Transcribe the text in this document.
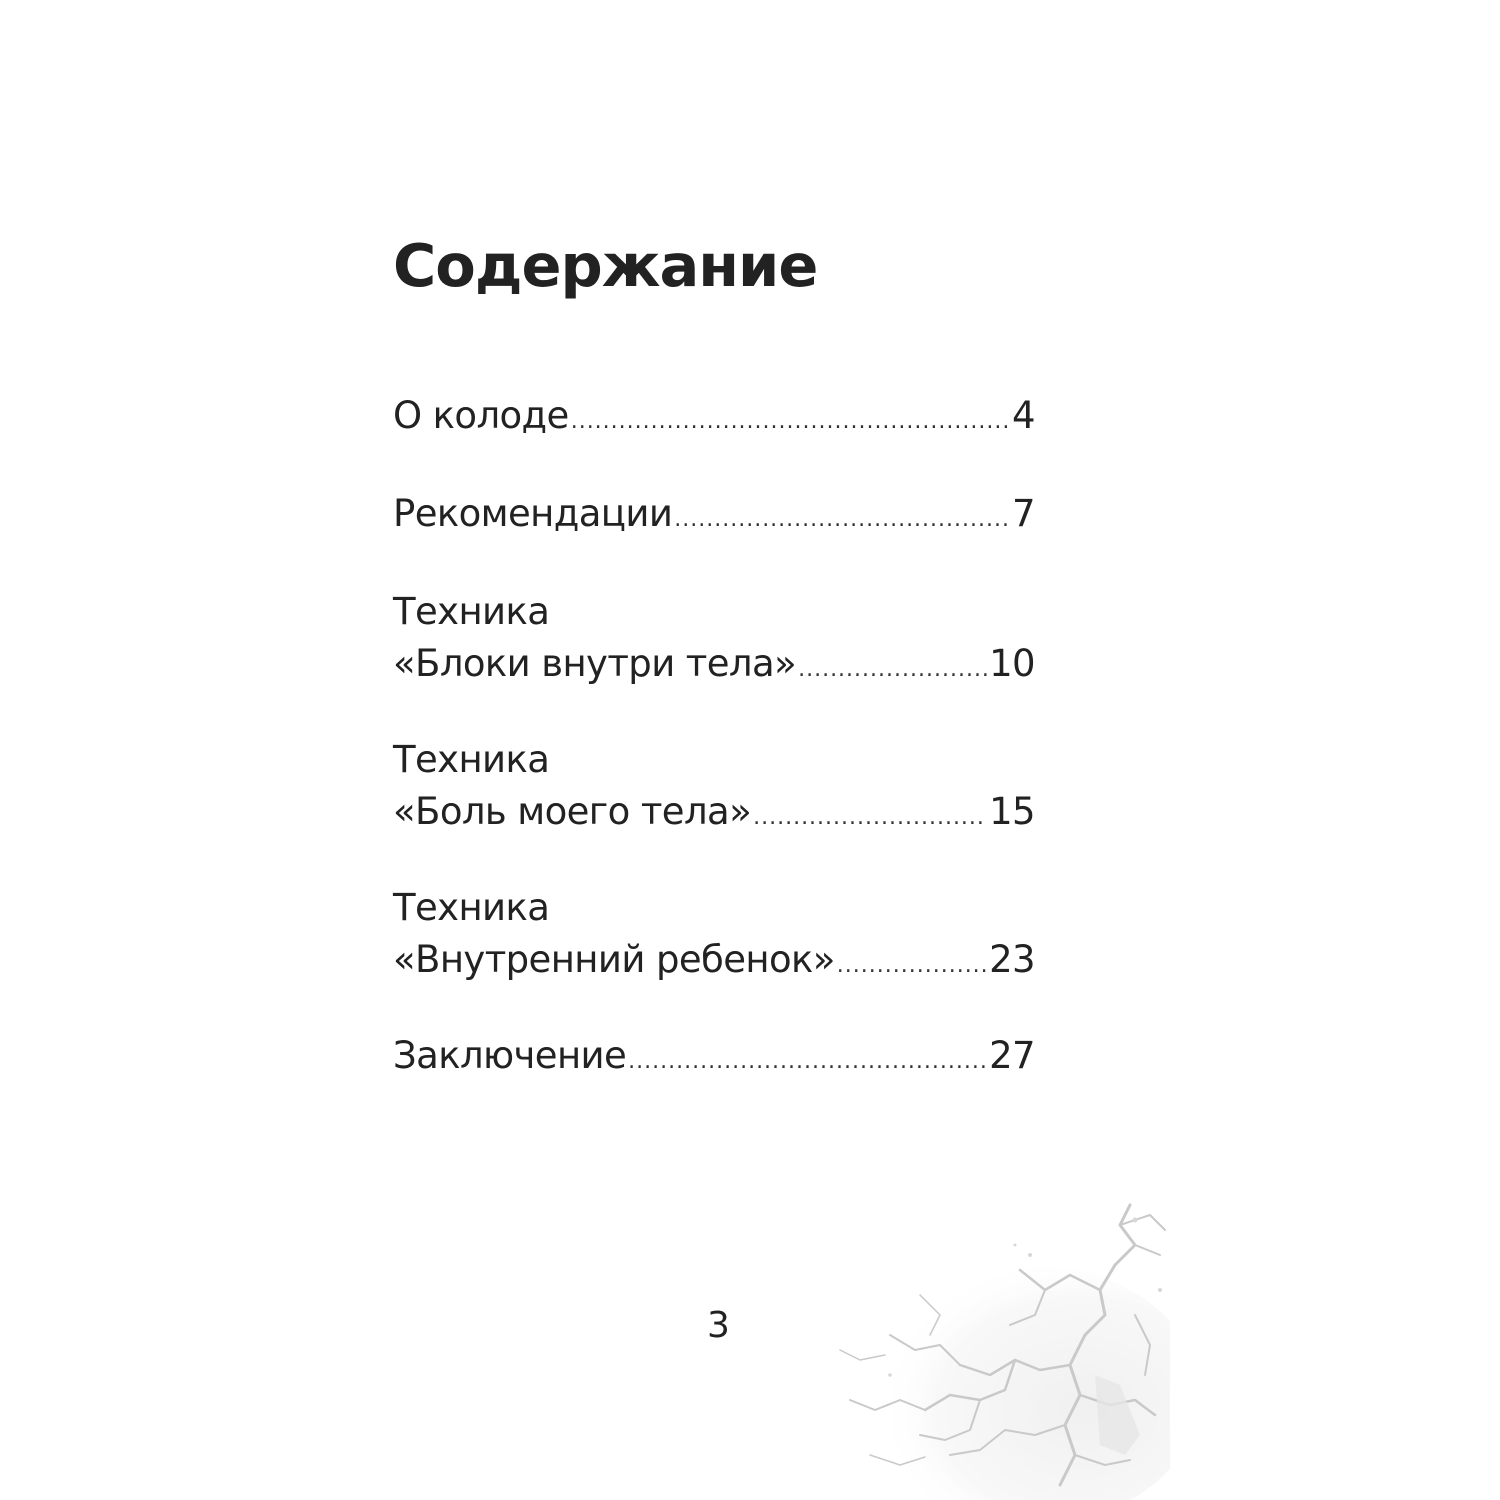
Содержание
О колоде .....	4
Рекомендации .....	7
Техника
«Блоки внутри тела» .....	10
Техника
«Боль моего тела» .....	15
Техника
«Внутренний ребенок» .....	23
Заключение .....	27
3
